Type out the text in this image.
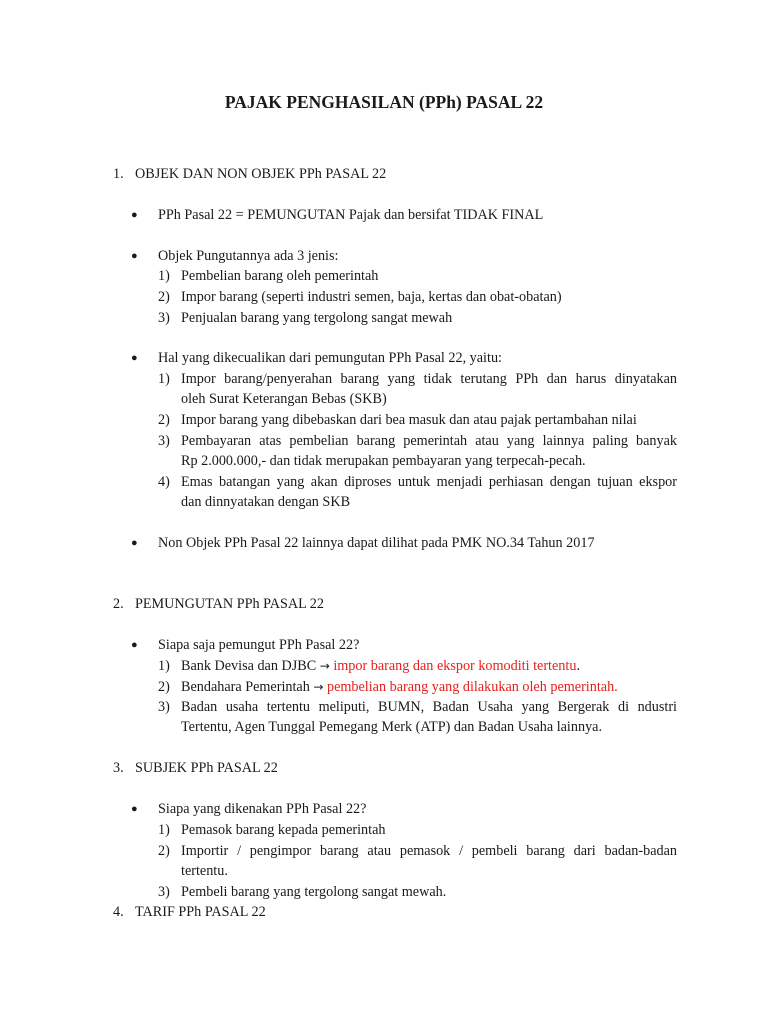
PAJAK PENGHASILAN (PPh) PASAL 22
1. OBJEK DAN NON OBJEK PPh PASAL 22
● PPh Pasal 22 = PEMUNGUTAN Pajak dan bersifat TIDAK FINAL
● Objek Pungutannya ada 3 jenis:
1) Pembelian barang oleh pemerintah
2) Impor barang (seperti industri semen, baja, kertas dan obat-obatan)
3) Penjualan barang yang tergolong sangat mewah
● Hal yang dikecualikan dari pemungutan PPh Pasal 22, yaitu:
1) Impor barang/penyerahan barang yang tidak terutang PPh dan harus dinyatakan
oleh Surat Keterangan Bebas (SKB)
2) Impor barang yang dibebaskan dari bea masuk dan atau pajak pertambahan nilai
3) Pembayaran atas pembelian barang pemerintah atau yang lainnya paling banyak
Rp 2.000.000,- dan tidak merupakan pembayaran yang terpecah-pecah.
4) Emas batangan yang akan diproses untuk menjadi perhiasan dengan tujuan ekspor
dan dinnyatakan dengan SKB
● Non Objek PPh Pasal 22 lainnya dapat dilihat pada PMK NO.34 Tahun 2017
2. PEMUNGUTAN PPh PASAL 22
● Siapa saja pemungut PPh Pasal 22?
1) Bank Devisa dan DJBC → impor barang dan ekspor komoditi tertentu.
2) Bendahara Pemerintah → pembelian barang yang dilakukan oleh pemerintah.
3) Badan usaha tertentu meliputi, BUMN, Badan Usaha yang Bergerak di ndustri
Tertentu, Agen Tunggal Pemegang Merk (ATP) dan Badan Usaha lainnya.
3. SUBJEK PPh PASAL 22
● Siapa yang dikenakan PPh Pasal 22?
1) Pemasok barang kepada pemerintah
2) Importir / pengimpor barang atau pemasok / pembeli barang dari badan-badan
tertentu.
3) Pembeli barang yang tergolong sangat mewah.
4. TARIF PPh PASAL 22
